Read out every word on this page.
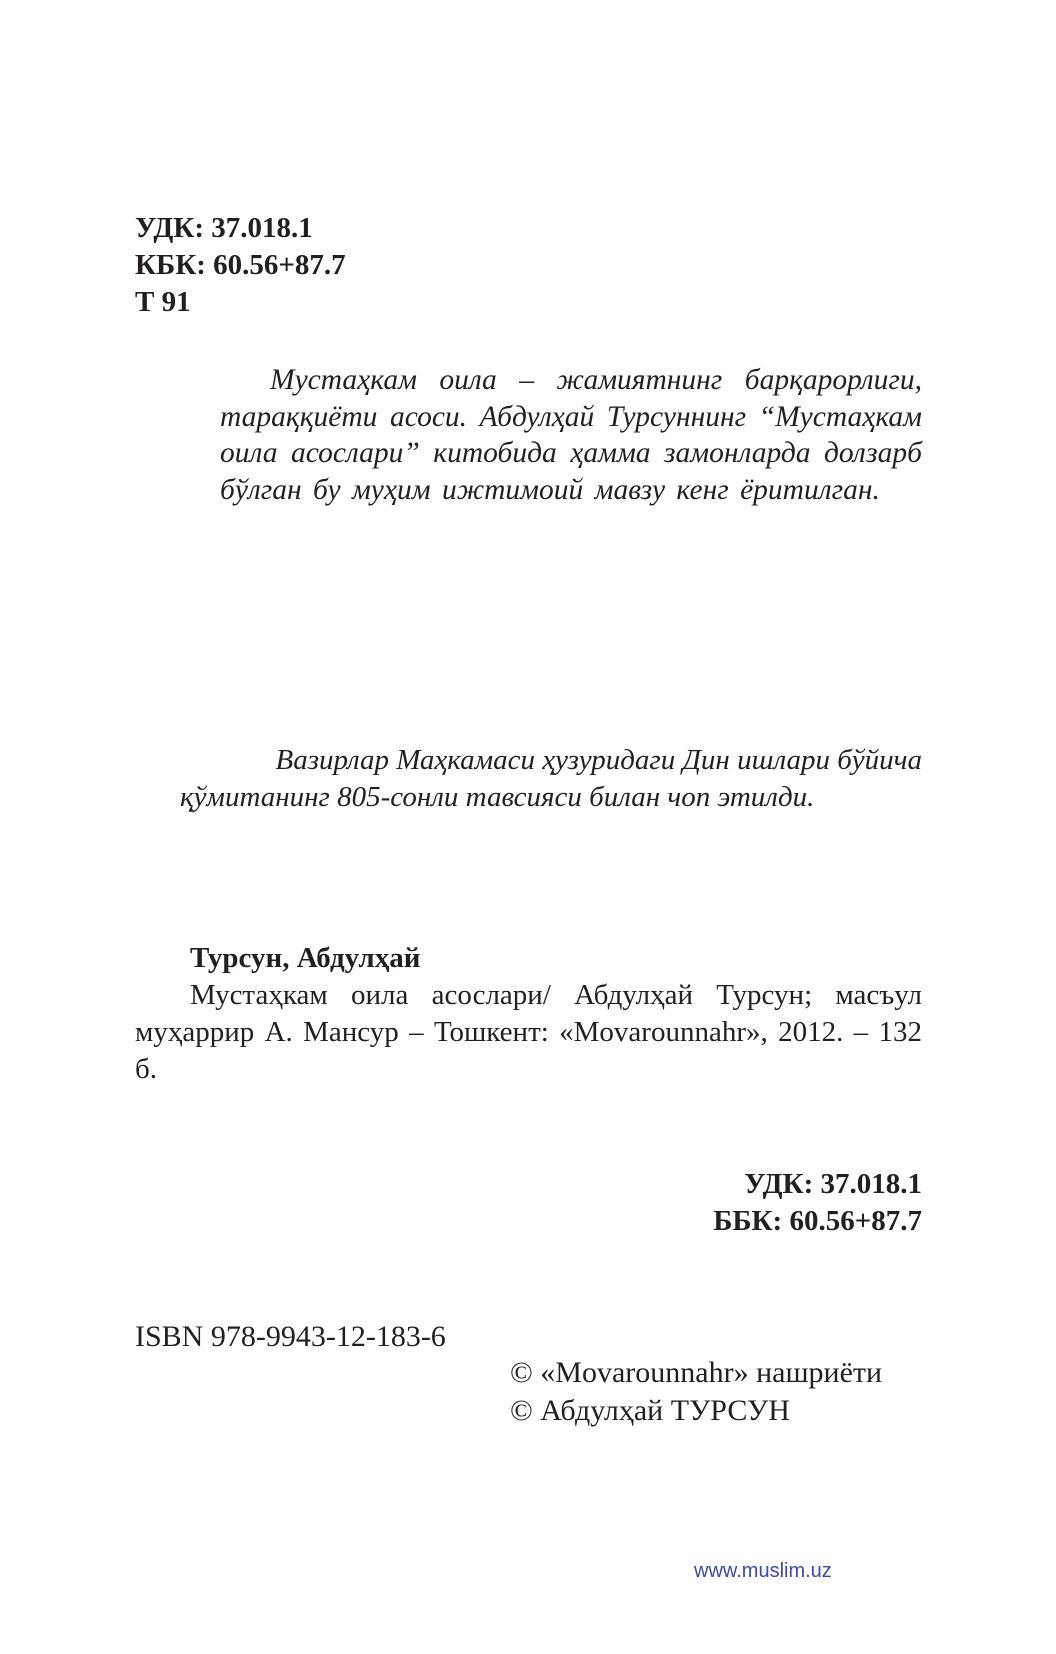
УДК: 37.018.1
КБК: 60.56+87.7
Т 91
Мустаҳкам оила – жамиятнинг барқарорлиги, тараққиёти асоси. Абдулҳай Турсуннинг “Мустаҳкам оила асослари” китобида ҳамма замонларда долзарб бўлган бу муҳим ижтимоий мавзу кенг ёритилган.
Вазирлар Маҳкамаси ҳузуридаги Дин ишлари бўйича
қўмитанинг 805-сонли тавсияси билан чоп этилди.
Турсун, Абдулҳай
Мустаҳкам оила асослари/ Абдулҳай Турсун; масъул муҳаррир А. Мансур – Тошкент: «Movarounnahr», 2012. – 132 б.
УДК: 37.018.1
ББК: 60.56+87.7
ISBN 978-9943-12-183-6
© «Movarounnahr» нашриёти
© Абдулҳай ТУРСУН
www.muslim.uz
